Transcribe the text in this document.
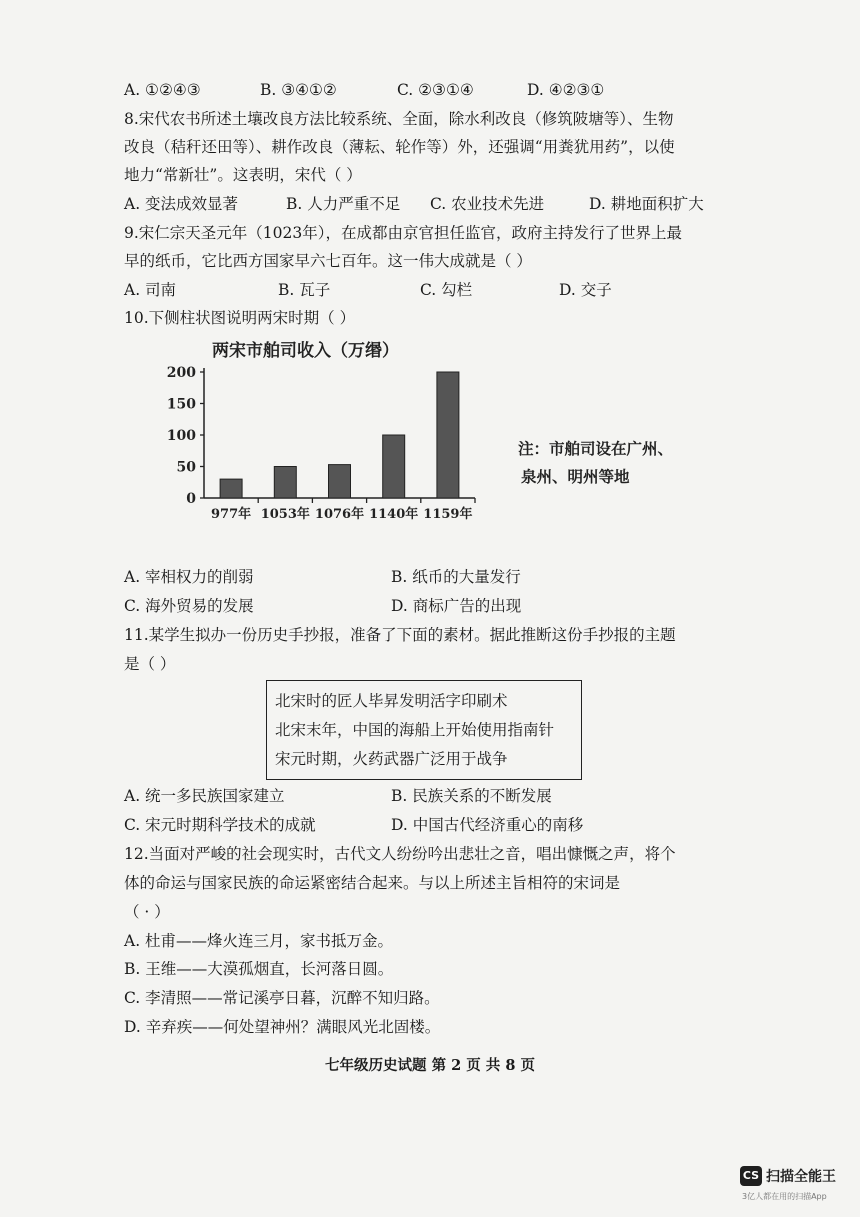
A. ①②④③	B. ③④①②	C. ②③①④	D. ④②③①
8.宋代农书所述土壤改良方法比较系统、全面，除水利改良（修筑陂塘等）、生物
改良（秸秆还田等）、耕作改良（薄耘、轮作等）外，还强调“用粪犹用药”，以使
地力“常新壮”。这表明，宋代（ ）
A. 变法成效显著	B. 人力严重不足 C. 农业技术先进	D. 耕地面积扩大
9.宋仁宗天圣元年（1023年），在成都由京官担任监官，政府主持发行了世界上最
早的纸币，它比西方国家早六七百年。这一伟大成就是（ ）
A. 司南	B. 瓦子	C. 勾栏	D. 交子
10.下侧柱状图说明两宋时期（ ）
两宋市舶司收入（万缗）
200
150
100
50
0
977年 1053年 1076年 1140年 1159年
注：市舶司设在广州、
泉州、明州等地
A. 宰相权力的削弱	B. 纸币的大量发行
C. 海外贸易的发展	D. 商标广告的出现
11.某学生拟办一份历史手抄报，准备了下面的素材。据此推断这份手抄报的主题
是（ ）
北宋时的匠人毕昇发明活字印刷术
北宋末年，中国的海船上开始使用指南针
宋元时期，火药武器广泛用于战争
A. 统一多民族国家建立	B. 民族关系的不断发展
C. 宋元时期科学技术的成就	D. 中国古代经济重心的南移
12.当面对严峻的社会现实时，古代文人纷纷吟出悲壮之音，唱出慷慨之声，将个
体的命运与国家民族的命运紧密结合起来。与以上所述主旨相符的宋词是
（ · ）
A. 杜甫——烽火连三月，家书抵万金。
B. 王维——大漠孤烟直，长河落日圆。
C. 李清照——常记溪亭日暮，沉醉不知归路。
D. 辛弃疾——何处望神州？满眼风光北固楼。
七年级历史试题 第 2 页 共 8 页
CS 扫描全能王
3亿人都在用的扫描App
